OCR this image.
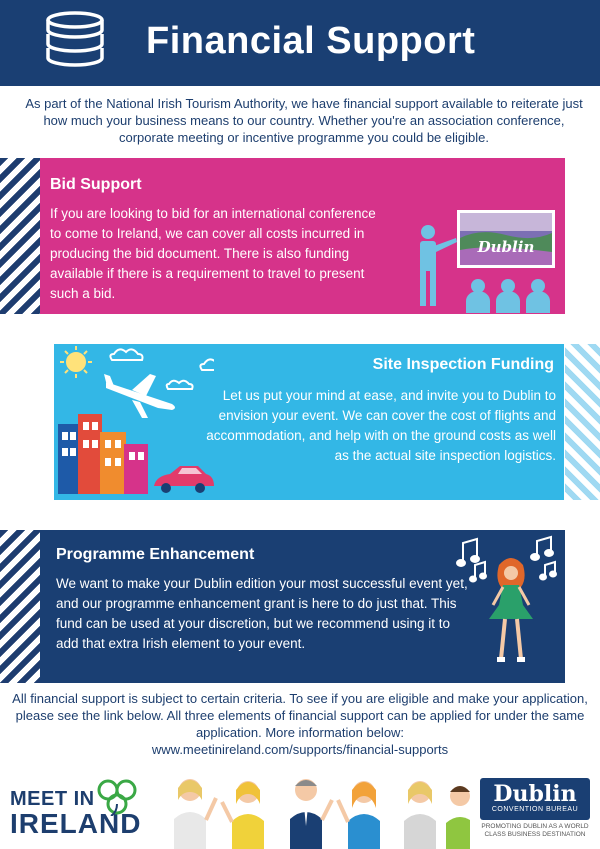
Financial Support
As part of the National Irish Tourism Authority, we have financial support available to reiterate just how much your business means to our country. Whether you're an association conference, corporate meeting or incentive programme you could be eligible.
Bid Support

If you are looking to bid for an international conference to come to Ireland, we can cover all costs incurred in producing the bid document. There is also funding available if there is a requirement to travel to present such a bid.

Dublin
Site Inspection Funding

Let us put your mind at ease, and invite you to Dublin to envision your event. We can cover the cost of flights and accommodation, and help with on the ground costs as well as the actual site inspection logistics.

Programme Enhancement

We want to make your Dublin edition your most successful event yet, and our programme enhancement grant is here to do just that. This fund can be used at your discretion, but we recommend using it to add that extra Irish element to your event.

All financial support is subject to certain criteria. To see if you are eligible and make your application, please see the link below. All three elements of financial support can be applied for under the same application. More information below:
www.meetinireland.com/supports/financial-supports
MEET IN
IRELAND
Dublin
CONVENTION BUREAU
PROMOTING DUBLIN AS A WORLD
CLASS BUSINESS DESTINATION
